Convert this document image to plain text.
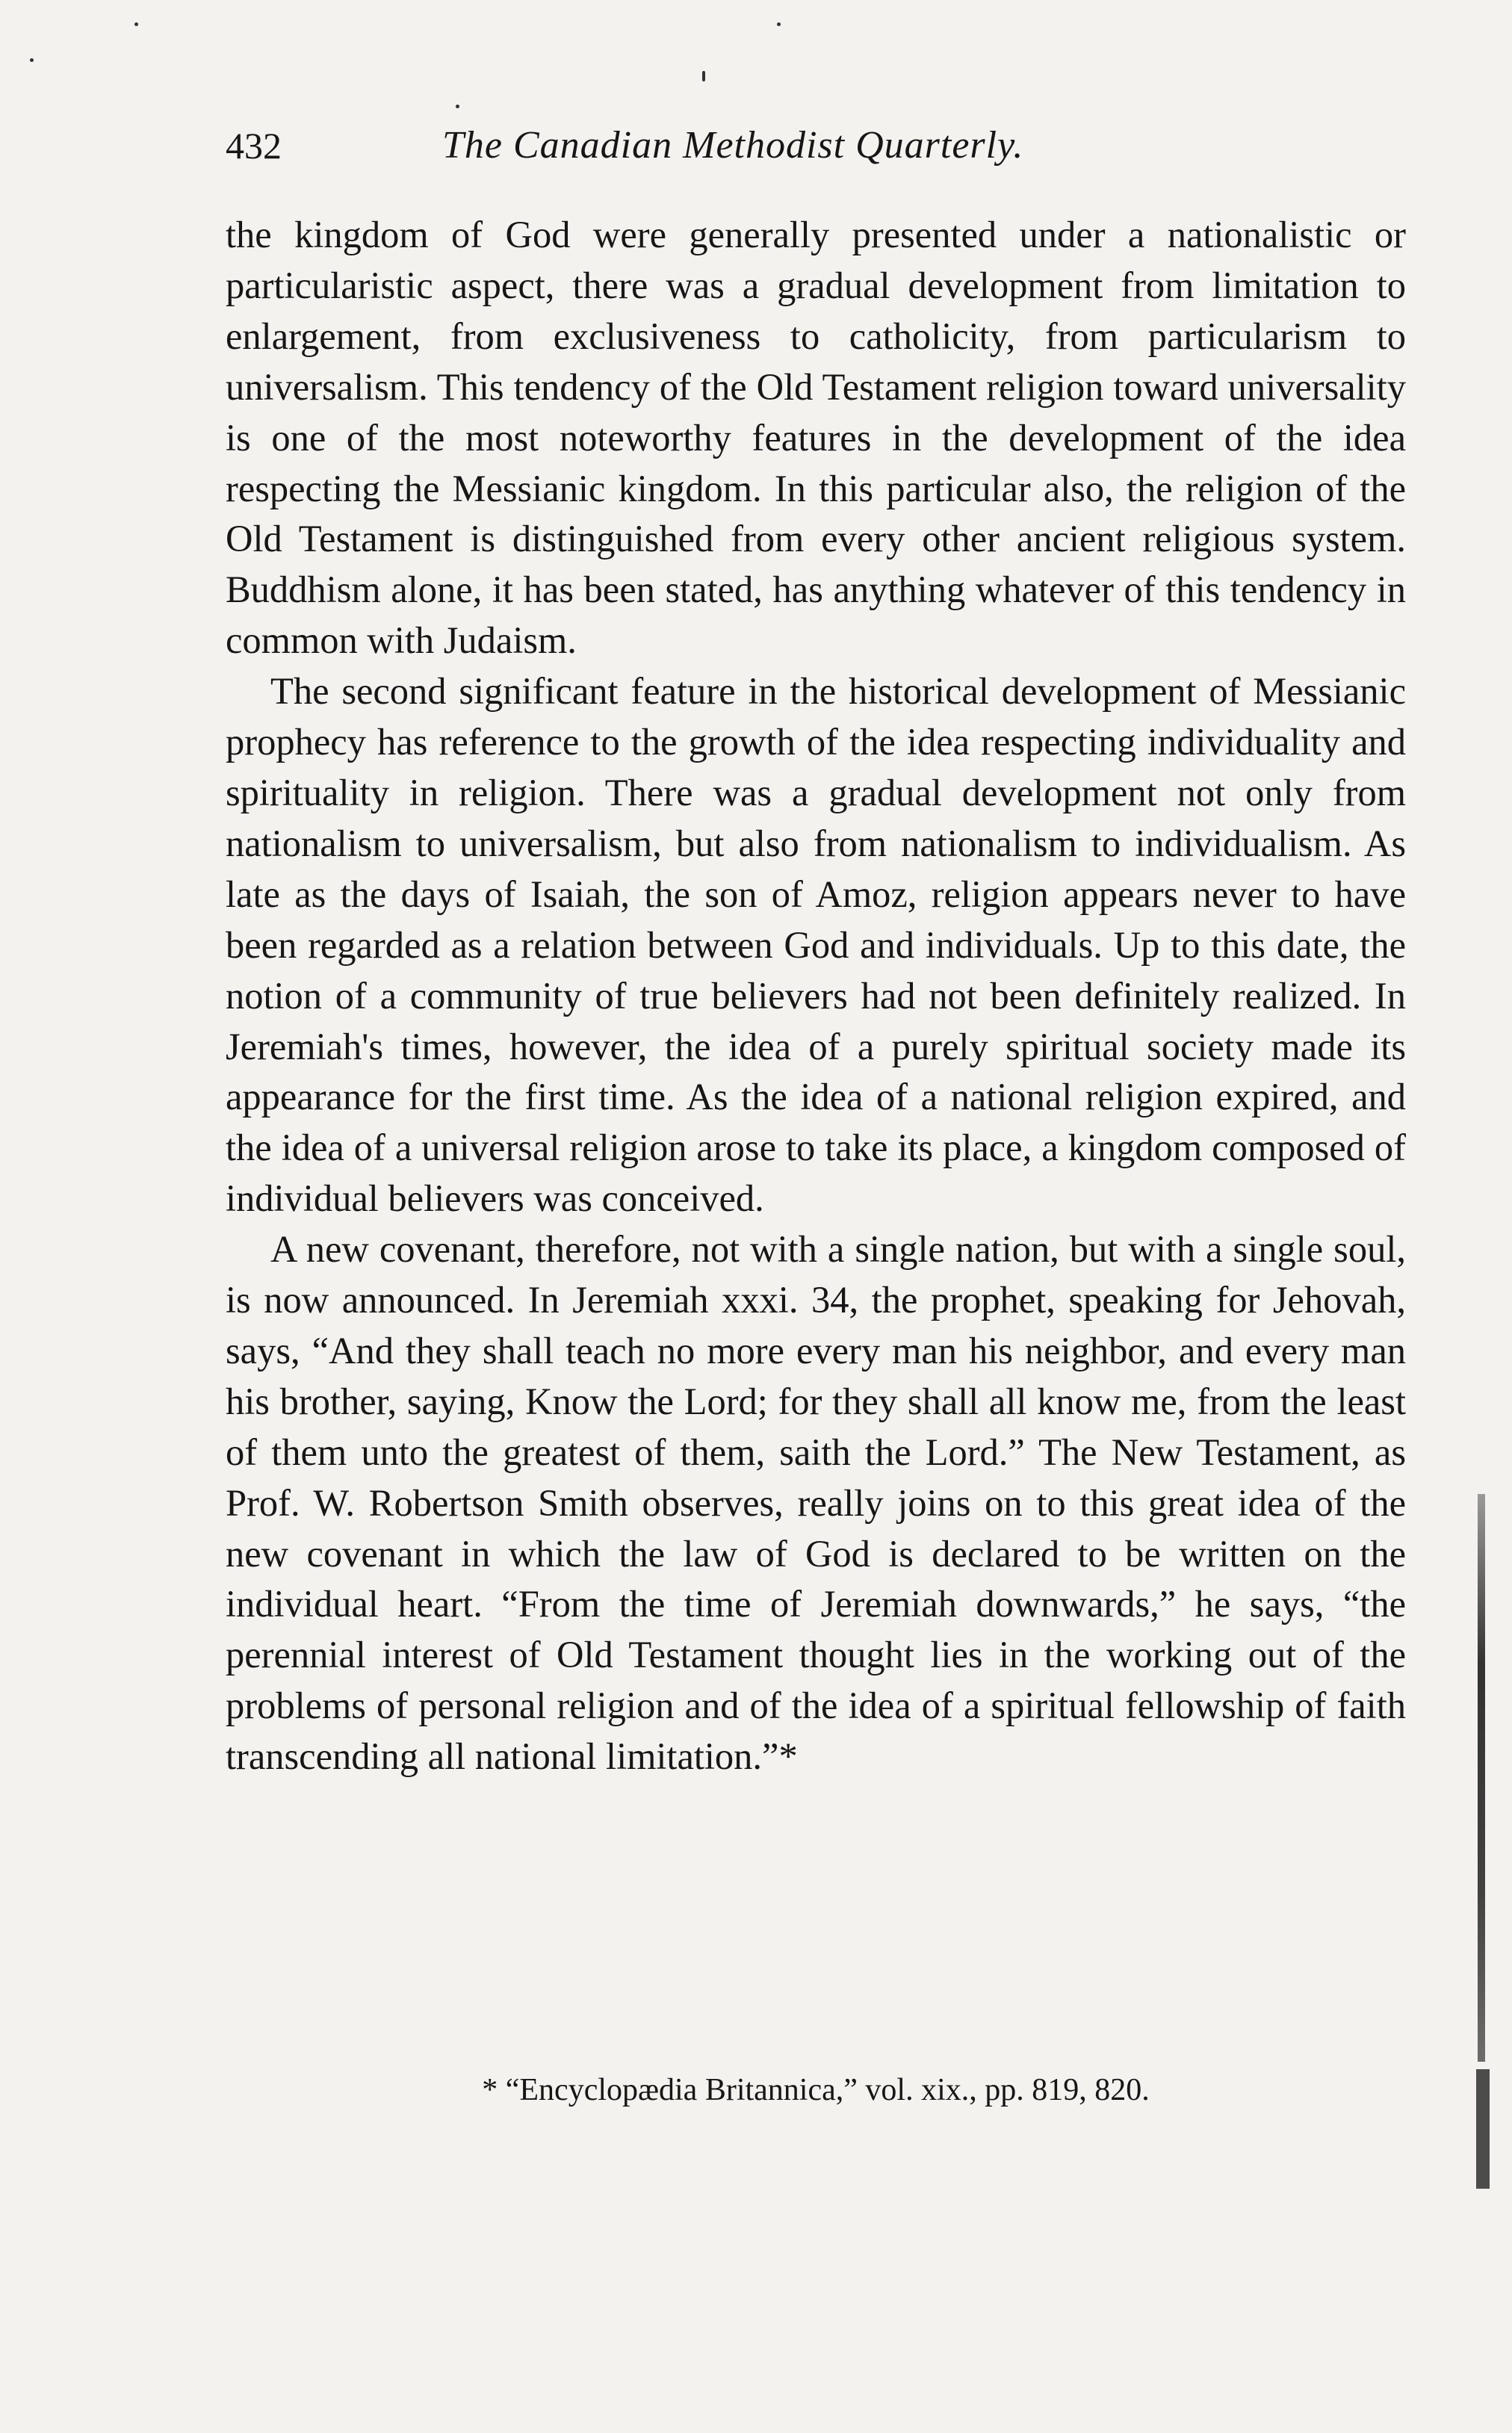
432	The Canadian Methodist Quarterly.

the kingdom of God were generally presented under a nationalistic or particularistic aspect, there was a gradual development from limitation to enlargement, from exclusiveness to catholicity, from particularism to universalism. This tendency of the Old Testament religion toward universality is one of the most noteworthy features in the development of the idea respecting the Messianic kingdom. In this particular also, the religion of the Old Testament is distinguished from every other ancient religious system. Buddhism alone, it has been stated, has anything whatever of this tendency in common with Judaism.

The second significant feature in the historical development of Messianic prophecy has reference to the growth of the idea respecting individuality and spirituality in religion. There was a gradual development not only from nationalism to universalism, but also from nationalism to individualism. As late as the days of Isaiah, the son of Amoz, religion appears never to have been regarded as a relation between God and individuals. Up to this date, the notion of a community of true believers had not been definitely realized. In Jeremiah's times, however, the idea of a purely spiritual society made its appearance for the first time. As the idea of a national religion expired, and the idea of a universal religion arose to take its place, a kingdom composed of individual believers was conceived.

A new covenant, therefore, not with a single nation, but with a single soul, is now announced. In Jeremiah xxxi. 34, the prophet, speaking for Jehovah, says, “And they shall teach no more every man his neighbor, and every man his brother, saying, Know the Lord; for they shall all know me, from the least of them unto the greatest of them, saith the Lord.” The New Testament, as Prof. W. Robertson Smith observes, really joins on to this great idea of the new covenant in which the law of God is declared to be written on the individual heart. “From the time of Jeremiah downwards,” he says, “the perennial interest of Old Testament thought lies in the working out of the problems of personal religion and of the idea of a spiritual fellowship of faith transcending all national limitation.”*

* “Encyclopædia Britannica,” vol. xix., pp. 819, 820.
